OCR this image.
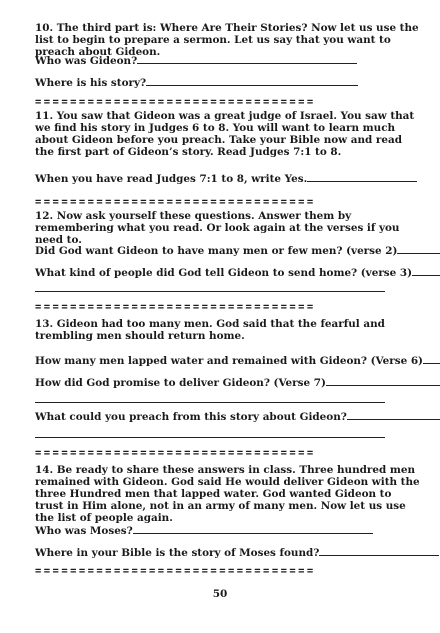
10. The third part is: Where Are Their Stories? Now let us use the list to begin to prepare a sermon. Let us say that you want to preach about Gideon.
Who was Gideon?
Where is his story?
================================
11. You saw that Gideon was a great judge of Israel. You saw that we find his story in Judges 6 to 8. You will want to learn much about Gideon before you preach. Take your Bible now and read the first part of Gideon’s story. Read Judges 7:1 to 8.
When you have read Judges 7:1 to 8, write Yes.
================================
12. Now ask yourself these questions. Answer them by remembering what you read. Or look again at the verses if you need to.
Did God want Gideon to have many men or few men? (verse 2)
What kind of people did God tell Gideon to send home? (verse 3)
================================
13. Gideon had too many men. God said that the fearful and trembling men should return home.
How many men lapped water and remained with Gideon? (Verse 6)
How did God promise to deliver Gideon? (Verse 7)
What could you preach from this story about Gideon?
================================
14. Be ready to share these answers in class. Three hundred men remained with Gideon. God said He would deliver Gideon with the three Hundred men that lapped water. God wanted Gideon to trust in Him alone, not in an army of many men. Now let us use the list of people again.
Who was Moses?
Where in your Bible is the story of Moses found?
================================
50
